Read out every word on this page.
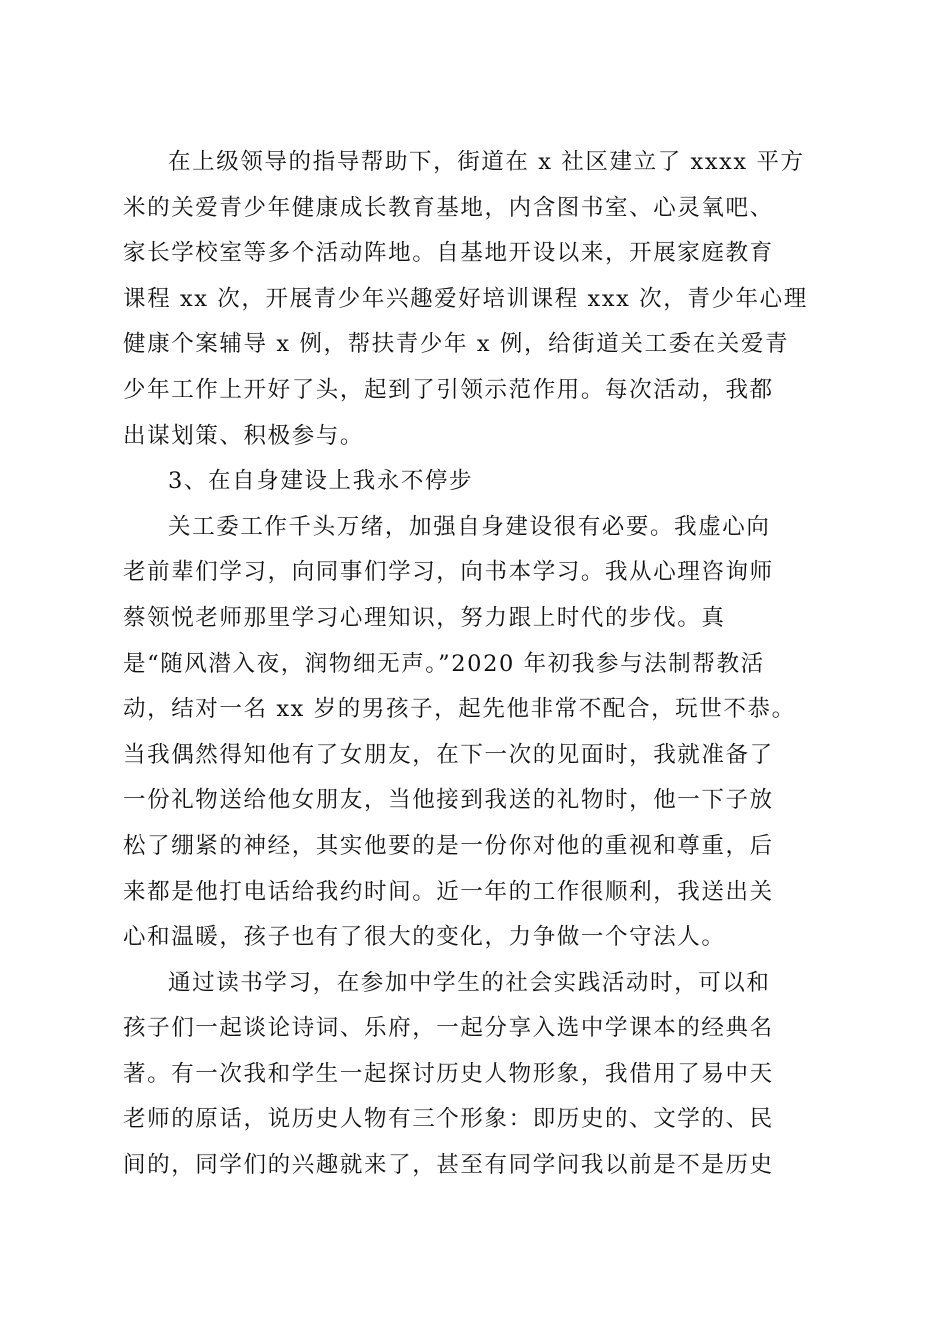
在上级领导的指导帮助下，街道在 x 社区建立了 xxxx 平方
米的关爱青少年健康成长教育基地，内含图书室、心灵氧吧、
家长学校室等多个活动阵地。自基地开设以来，开展家庭教育
课程 xx 次，开展青少年兴趣爱好培训课程 xxx 次，青少年心理
健康个案辅导 x 例，帮扶青少年 x 例，给街道关工委在关爱青
少年工作上开好了头，起到了引领示范作用。每次活动，我都
出谋划策、积极参与。

3、在自身建设上我永不停步

关工委工作千头万绪，加强自身建设很有必要。我虚心向
老前辈们学习，向同事们学习，向书本学习。我从心理咨询师
蔡领悦老师那里学习心理知识，努力跟上时代的步伐。真
是“随风潜入夜，润物细无声。”2020 年初我参与法制帮教活
动，结对一名 xx 岁的男孩子，起先他非常不配合，玩世不恭。
当我偶然得知他有了女朋友，在下一次的见面时，我就准备了
一份礼物送给他女朋友，当他接到我送的礼物时，他一下子放
松了绷紧的神经，其实他要的是一份你对他的重视和尊重，后
来都是他打电话给我约时间。近一年的工作很顺利，我送出关
心和温暖，孩子也有了很大的变化，力争做一个守法人。

通过读书学习，在参加中学生的社会实践活动时，可以和
孩子们一起谈论诗词、乐府，一起分享入选中学课本的经典名
著。有一次我和学生一起探讨历史人物形象，我借用了易中天
老师的原话，说历史人物有三个形象：即历史的、文学的、民
间的，同学们的兴趣就来了，甚至有同学问我以前是不是历史
